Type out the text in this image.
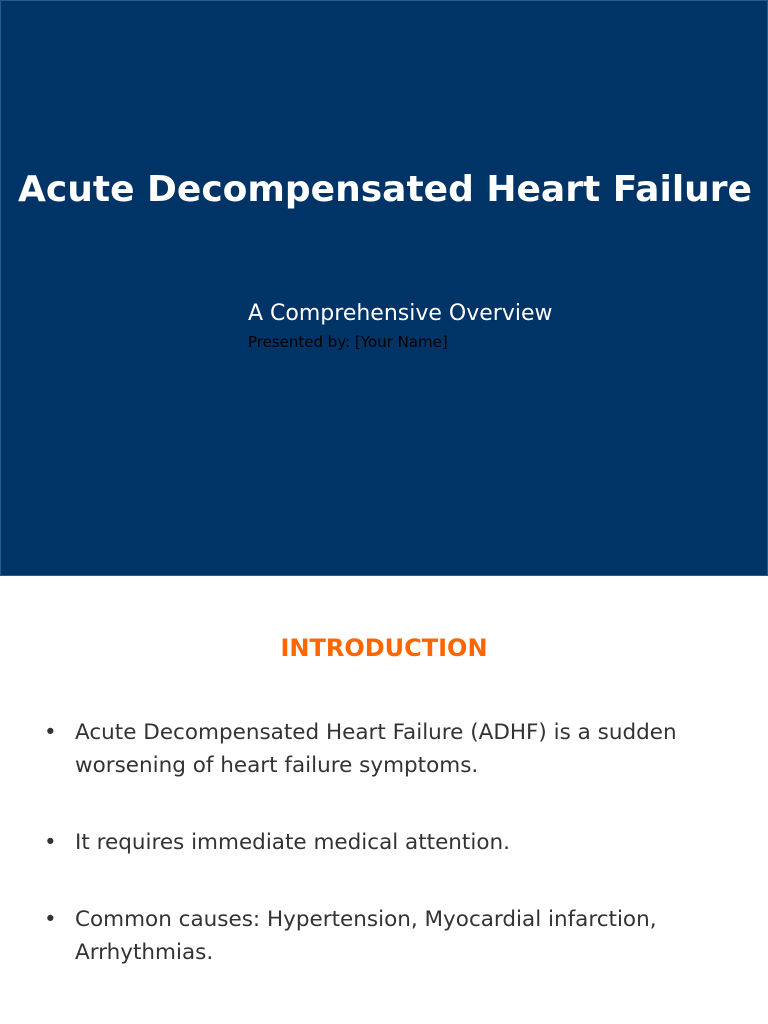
Acute Decompensated Heart Failure

A Comprehensive Overview

Presented by: [Your Name]

INTRODUCTION
• Acute Decompensated Heart Failure (ADHF) is a sudden worsening of heart failure symptoms.
• It requires immediate medical attention.
• Common causes: Hypertension, Myocardial infarction, Arrhythmias.
